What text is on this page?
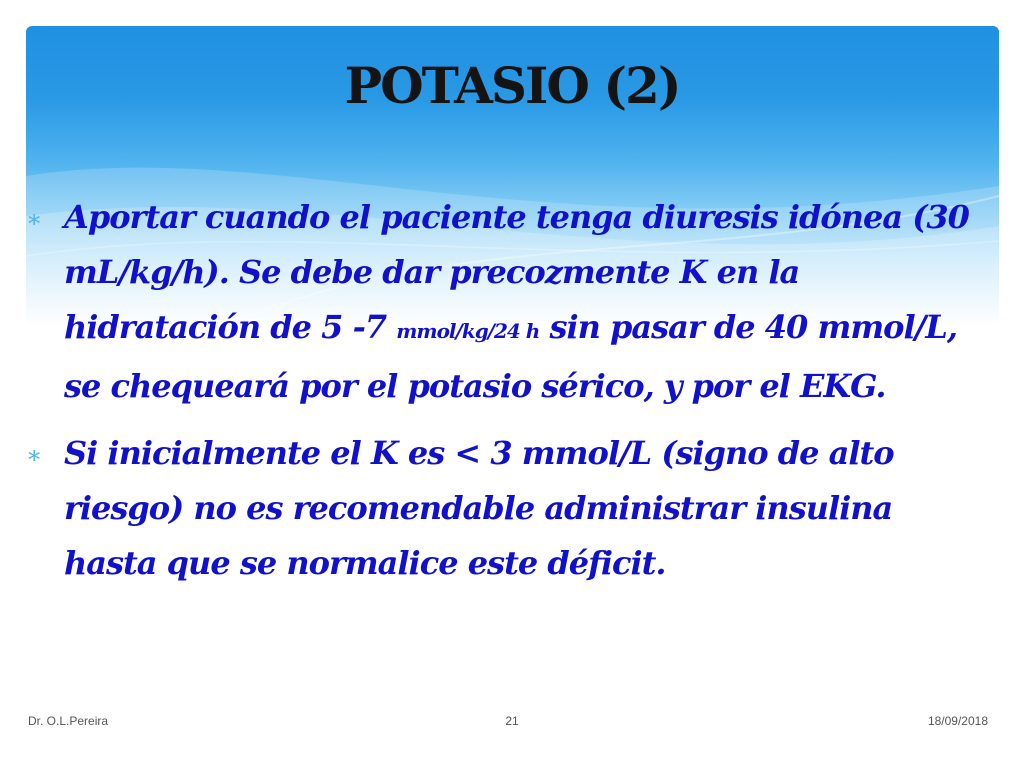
POTASIO (2)
∗ Aportar cuando el paciente tenga diuresis idónea (30 mL/kg/h). Se debe dar precozmente K en la hidratación de 5 -7 mmol/kg/24 h sin pasar de 40 mmol/L, se chequeará por el potasio sérico, y por el EKG.
∗ Si inicialmente el K es < 3 mmol/L (signo de alto riesgo) no es recomendable administrar insulina hasta que se normalice este déficit.
Dr. O.L.Pereira	21	18/09/2018
